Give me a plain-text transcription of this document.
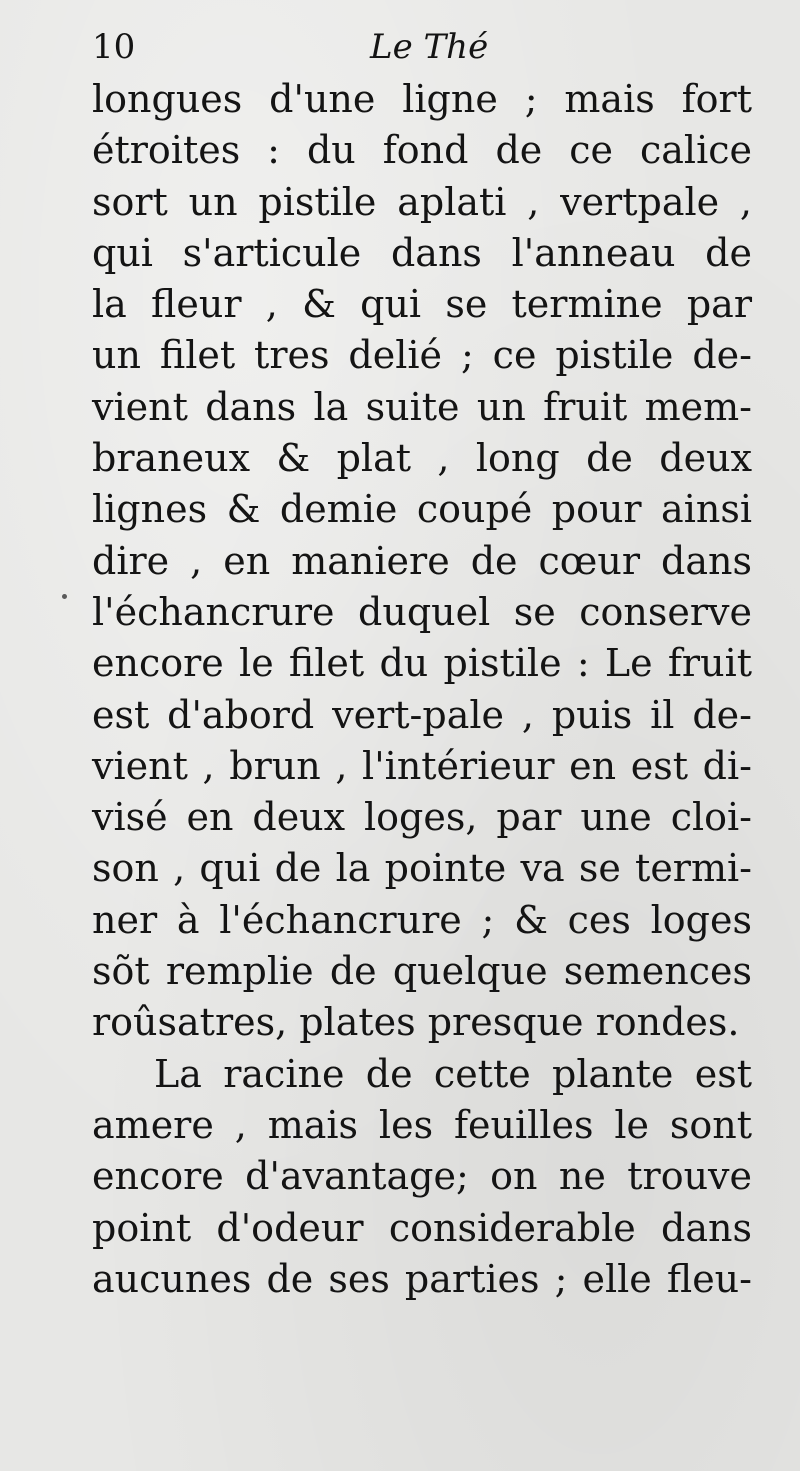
10	Le Thé
longues d'une ligne ; mais fort
étroites : du fond de ce calice
sort un pistile aplati , vertpale ,
qui s'articule dans l'anneau de
la fleur , & qui se termine par
un filet tres delié ; ce pistile de-
vient dans la suite un fruit mem-
braneux & plat , long de deux
lignes & demie coupé pour ainsi
dire , en maniere de cœur dans
l'échancrure duquel se conserve
encore le filet du pistile : Le fruit
est d'abord vert-pale , puis il de-
vient , brun , l'intérieur en est di-
visé en deux loges, par une cloi-
son , qui de la pointe va se termi-
ner à l'échancrure ; & ces loges
sõt remplie de quelque semences
roûsatres, plates presque rondes.
La racine de cette plante est
amere , mais les feuilles le sont
encore d'avantage; on ne trouve
point d'odeur considerable dans
aucunes de ses parties ; elle fleu-
